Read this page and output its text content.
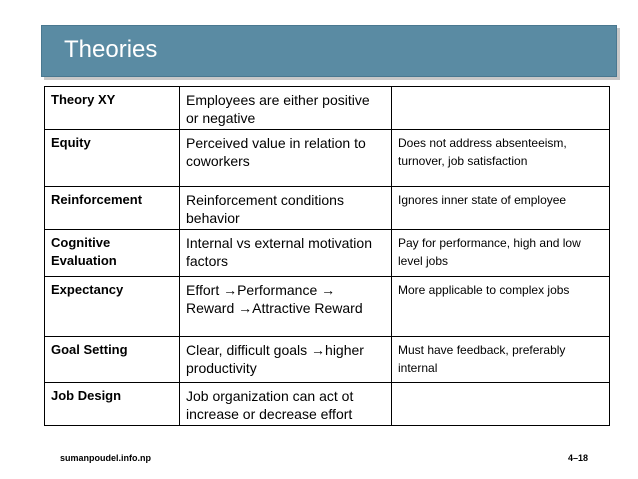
Theories
Theory XY	Employees are either positive or negative	
Equity	Perceived value in relation to coworkers	Does not address absenteeism, turnover, job satisfaction
Reinforcement	Reinforcement conditions behavior	Ignores inner state of employee
Cognitive Evaluation	Internal vs external motivation factors	Pay for performance, high and low level jobs
Expectancy	Effort →Performance → Reward →Attractive Reward	More applicable to complex jobs
Goal Setting	Clear, difficult goals →higher productivity	Must have feedback, preferably internal
Job Design	Job organization can act ot increase or decrease effort	
sumanpoudel.info.np	4–18
